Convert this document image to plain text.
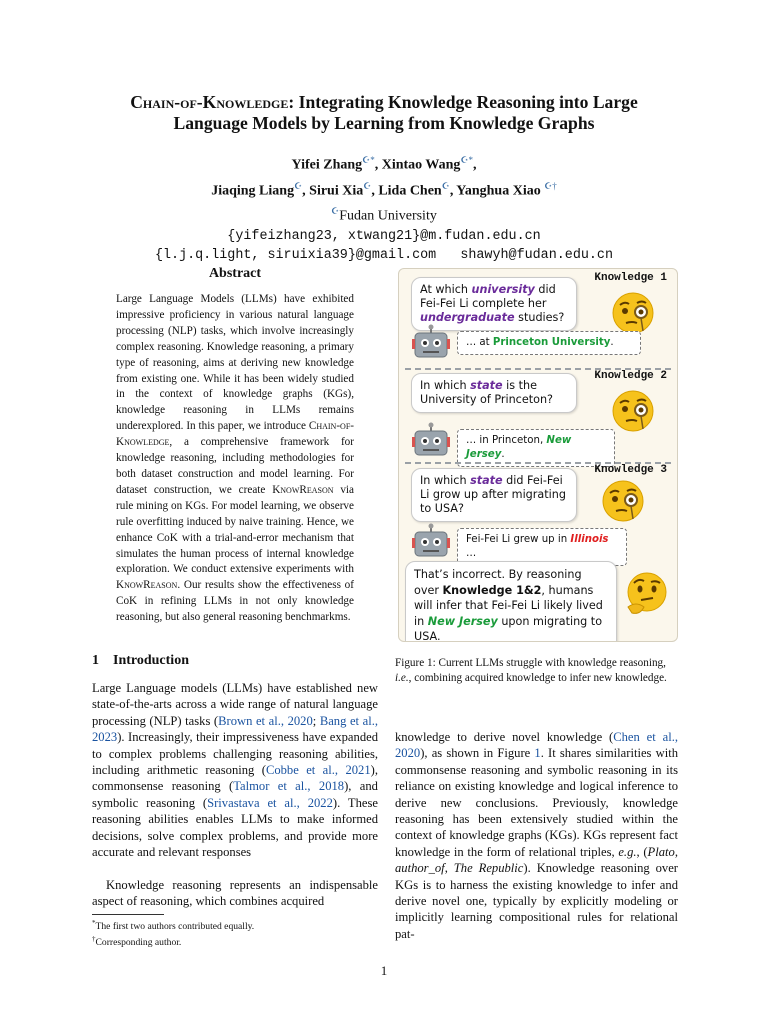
Chain-of-Knowledge: Integrating Knowledge Reasoning into Large
Language Models by Learning from Knowledge Graphs
Yifei Zhang☪*, Xintao Wang☪*,
Jiaqing Liang☪, Sirui Xia☪, Lida Chen☪, Yanghua Xiao ☪†
☪Fudan University
{yifeizhang23, xtwang21}@m.fudan.edu.cn
{l.j.q.light, siruixia39}@gmail.com   shawyh@fudan.edu.cn
Abstract
Large Language Models (LLMs) have exhibited impressive proficiency in various natural language processing (NLP) tasks, which involve increasingly complex reasoning. Knowledge reasoning, a primary type of reasoning, aims at deriving new knowledge from existing one. While it has been widely studied in the context of knowledge graphs (KGs), knowledge reasoning in LLMs remains underexplored. In this paper, we introduce Chain-of-Knowledge, a comprehensive framework for knowledge reasoning, including methodologies for both dataset construction and model learning. For dataset construction, we create KnowReason via rule mining on KGs. For model learning, we observe rule overfitting induced by naive training. Hence, we enhance CoK with a trial-and-error mechanism that simulates the human process of internal knowledge exploration. We conduct extensive experiments with KnowReason. Our results show the effectiveness of CoK in refining LLMs in not only knowledge reasoning, but also general reasoning benchmarkms.
1 Introduction
Large Language models (LLMs) have established new state-of-the-arts across a wide range of natural language processing (NLP) tasks (Brown et al., 2020; Bang et al., 2023). Increasingly, their impressiveness have expanded to complex problems challenging reasoning abilities, including arithmetic reasoning (Cobbe et al., 2021), commonsense reasoning (Talmor et al., 2018), and symbolic reasoning (Srivastava et al., 2022). These reasoning abilities enables LLMs to make informed decisions, solve complex problems, and provide more accurate and relevant responses
Knowledge reasoning represents an indispensable aspect of reasoning, which combines acquired
*The first two authors contributed equally.
†Corresponding author.
Knowledge 1
At which university did Fei-Fei Li complete her undergraduate studies?
… at Princeton University.
Knowledge 2
In which state is the University of Princeton?
… in Princeton, New Jersey.
Knowledge 3
In which state did Fei-Fei Li grow up after migrating to USA?
Fei-Fei Li grew up in Illinois …
That’s incorrect. By reasoning over Knowledge 1&2, humans will infer that Fei-Fei Li likely lived in New Jersey upon migrating to USA.
Figure 1: Current LLMs struggle with knowledge reasoning, i.e., combining acquired knowledge to infer new knowledge.
knowledge to derive novel knowledge (Chen et al., 2020), as shown in Figure 1. It shares similarities with commonsense reasoning and symbolic reasoning in its reliance on existing knowledge and logical inference to derive new conclusions. Previously, knowledge reasoning has been extensively studied within the context of knowledge graphs (KGs). KGs represent fact knowledge in the form of relational triples, e.g., (Plato, author_of, The Republic). Knowledge reasoning over KGs is to harness the existing knowledge to infer and derive novel one, typically by explicitly modeling or implicitly learning compositional rules for relational pat-
1
